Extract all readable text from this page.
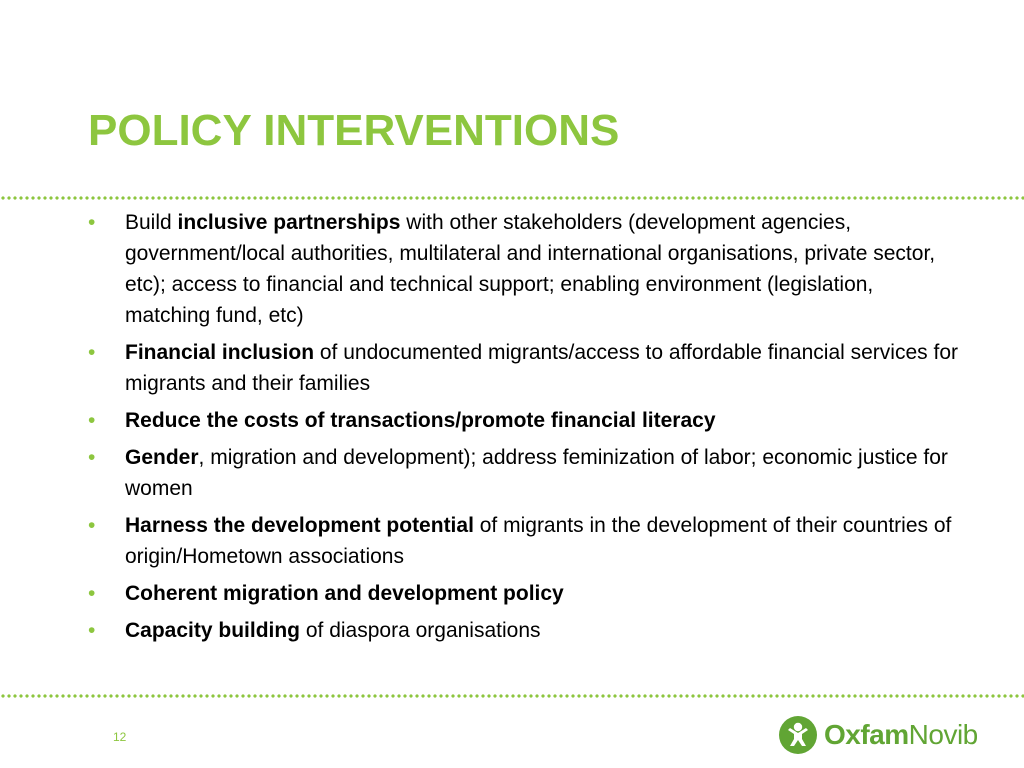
POLICY INTERVENTIONS
• Build inclusive partnerships with other stakeholders (development agencies, government/local authorities, multilateral and international organisations, private sector, etc); access to financial and technical support; enabling environment (legislation, matching fund, etc)
• Financial inclusion of undocumented migrants/access to affordable financial services for migrants and their families
• Reduce the costs of transactions/promote financial literacy
• Gender, migration and development); address feminization of labor; economic justice for women
• Harness the development potential of migrants in the development of their countries of origin/Hometown associations
• Coherent migration and development policy
• Capacity building of diaspora organisations
12	OxfamNovib
